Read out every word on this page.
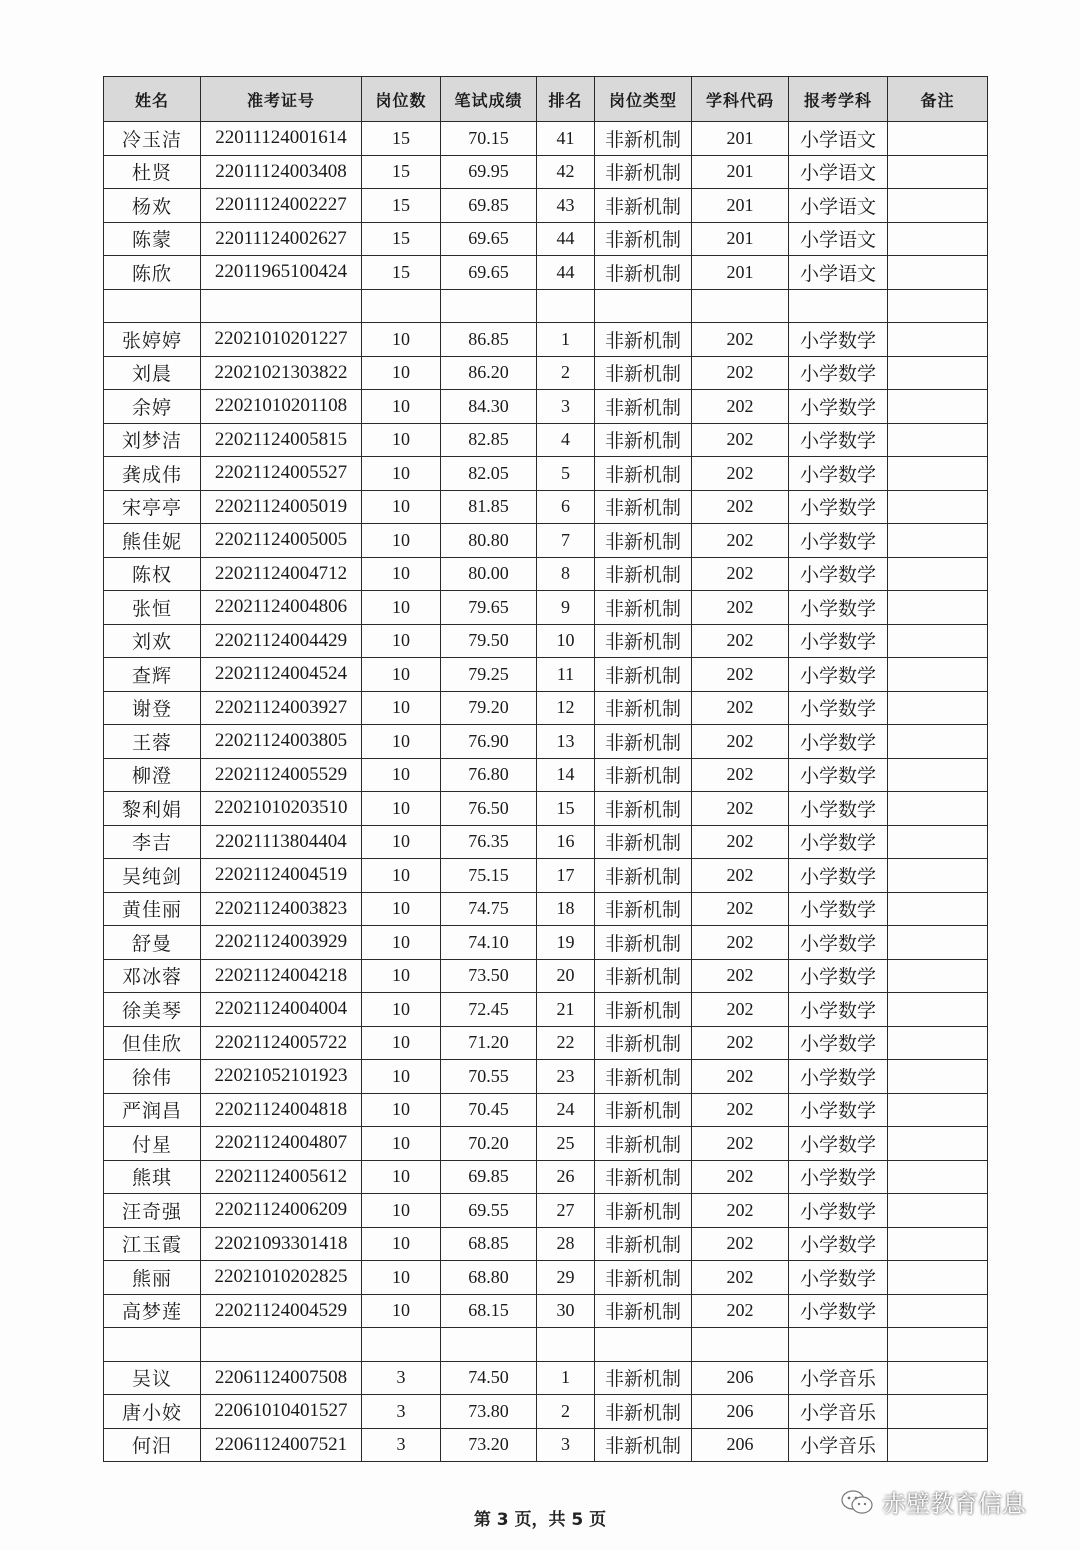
姓名	准考证号	岗位数	笔试成绩	排名	岗位类型	学科代码	报考学科	备注
冷玉洁	22011124001614	15	70.15	41	非新机制	201	小学语文	
杜贤	22011124003408	15	69.95	42	非新机制	201	小学语文	
杨欢	22011124002227	15	69.85	43	非新机制	201	小学语文	
陈蒙	22011124002627	15	69.65	44	非新机制	201	小学语文	
陈欣	22011965100424	15	69.65	44	非新机制	201	小学语文	

张婷婷	22021010201227	10	86.85	1	非新机制	202	小学数学	
刘晨	22021021303822	10	86.20	2	非新机制	202	小学数学	
余婷	22021010201108	10	84.30	3	非新机制	202	小学数学	
刘梦洁	22021124005815	10	82.85	4	非新机制	202	小学数学	
龚成伟	22021124005527	10	82.05	5	非新机制	202	小学数学	
宋亭亭	22021124005019	10	81.85	6	非新机制	202	小学数学	
熊佳妮	22021124005005	10	80.80	7	非新机制	202	小学数学	
陈权	22021124004712	10	80.00	8	非新机制	202	小学数学	
张恒	22021124004806	10	79.65	9	非新机制	202	小学数学	
刘欢	22021124004429	10	79.50	10	非新机制	202	小学数学	
查辉	22021124004524	10	79.25	11	非新机制	202	小学数学	
谢登	22021124003927	10	79.20	12	非新机制	202	小学数学	
王蓉	22021124003805	10	76.90	13	非新机制	202	小学数学	
柳澄	22021124005529	10	76.80	14	非新机制	202	小学数学	
黎利娟	22021010203510	10	76.50	15	非新机制	202	小学数学	
李吉	22021113804404	10	76.35	16	非新机制	202	小学数学	
吴纯剑	22021124004519	10	75.15	17	非新机制	202	小学数学	
黄佳丽	22021124003823	10	74.75	18	非新机制	202	小学数学	
舒曼	22021124003929	10	74.10	19	非新机制	202	小学数学	
邓冰蓉	22021124004218	10	73.50	20	非新机制	202	小学数学	
徐美琴	22021124004004	10	72.45	21	非新机制	202	小学数学	
但佳欣	22021124005722	10	71.20	22	非新机制	202	小学数学	
徐伟	22021052101923	10	70.55	23	非新机制	202	小学数学	
严润昌	22021124004818	10	70.45	24	非新机制	202	小学数学	
付星	22021124004807	10	70.20	25	非新机制	202	小学数学	
熊琪	22021124005612	10	69.85	26	非新机制	202	小学数学	
汪奇强	22021124006209	10	69.55	27	非新机制	202	小学数学	
江玉霞	22021093301418	10	68.85	28	非新机制	202	小学数学	
熊丽	22021010202825	10	68.80	29	非新机制	202	小学数学	
高梦莲	22021124004529	10	68.15	30	非新机制	202	小学数学	

吴议	22061124007508	3	74.50	1	非新机制	206	小学音乐	
唐小姣	22061010401527	3	73.80	2	非新机制	206	小学音乐	
何汨	22061124007521	3	73.20	3	非新机制	206	小学音乐	
第 3 页，共 5 页
赤壁教育信息
